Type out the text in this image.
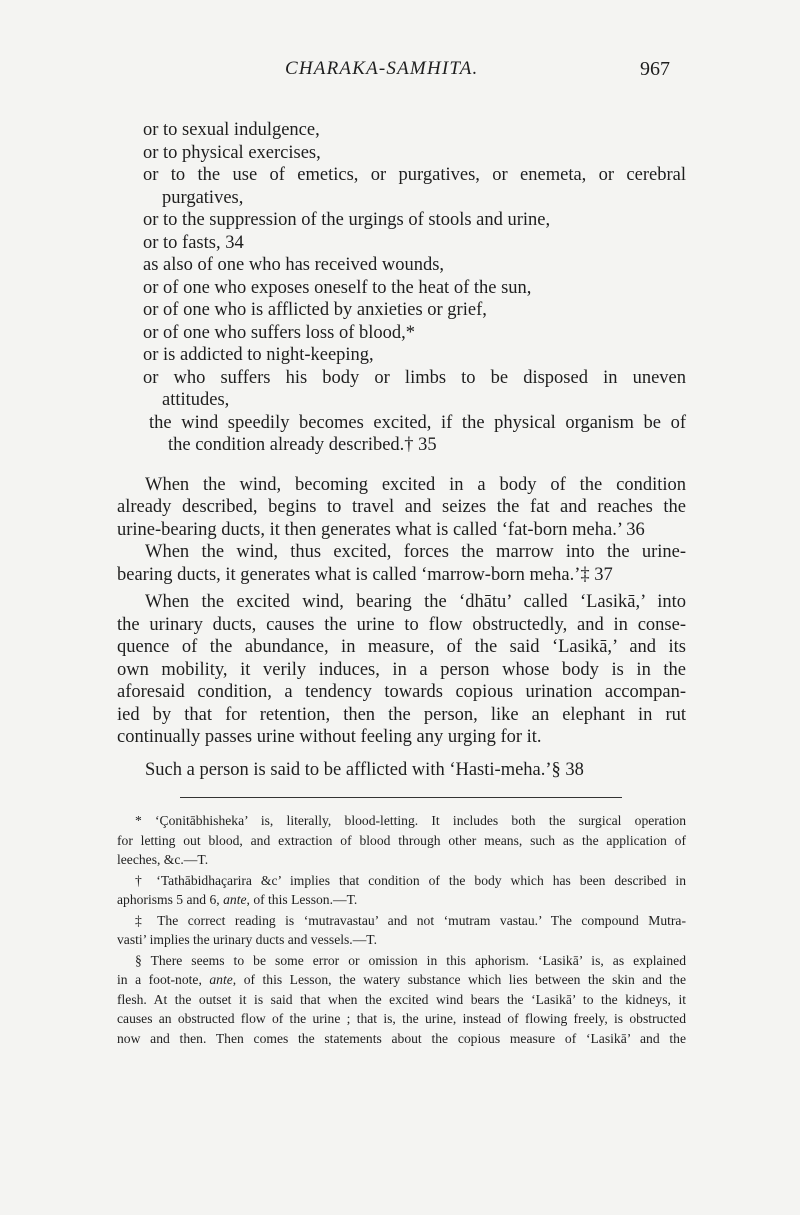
CHARAKA-SAMHITA.	967
or to sexual indulgence,
or to physical exercises,
or to the use of emetics, or purgatives, or enemeta, or cerebral
purgatives,
or to the suppression of the urgings of stools and urine,
or to fasts, 34
as also of one who has received wounds,
or of one who exposes oneself to the heat of the sun,
or of one who is afflicted by anxieties or grief,
or of one who suffers loss of blood,*
or is addicted to night-keeping,
or who suffers his body or limbs to be disposed in uneven
attitudes,
the wind speedily becomes excited, if the physical organism be of
the condition already described.† 35
When the wind, becoming excited in a body of the condition
already described, begins to travel and seizes the fat and reaches the
urine-bearing ducts, it then generates what is called ‘fat-born meha.’ 36
When the wind, thus excited, forces the marrow into the urine-
bearing ducts, it generates what is called ‘marrow-born meha.’‡ 37
When the excited wind, bearing the ‘dhātu’ called ‘Lasikā,’ into
the urinary ducts, causes the urine to flow obstructedly, and in conse-
quence of the abundance, in measure, of the said ‘Lasikā,’ and its
own mobility, it verily induces, in a person whose body is in the
aforesaid condition, a tendency towards copious urination accompan-
ied by that for retention, then the person, like an elephant in rut
continually passes urine without feeling any urging for it.
Such a person is said to be afflicted with ‘Hasti-meha.’§ 38
* ‘Çonitābhisheka’ is, literally, blood-letting. It includes both the surgical operation
for letting out blood, and extraction of blood through other means, such as the application of
leeches, &c.—T.
† ‘Tathābidhaçarira &c’ implies that condition of the body which has been described in
aphorisms 5 and 6, ante, of this Lesson.—T.
‡ The correct reading is ‘mutravastau’ and not ‘mutram vastau.’ The compound Mutra-
vasti’ implies the urinary ducts and vessels.—T.
§ There seems to be some error or omission in this aphorism. ‘Lasikā’ is, as explained
in a foot-note, ante, of this Lesson, the watery substance which lies between the skin and the
flesh. At the outset it is said that when the excited wind bears the ‘Lasikā’ to the kidneys, it
causes an obstructed flow of the urine ; that is, the urine, instead of flowing freely, is obstructed
now and then. Then comes the statements about the copious measure of ‘Lasikā’ and the
